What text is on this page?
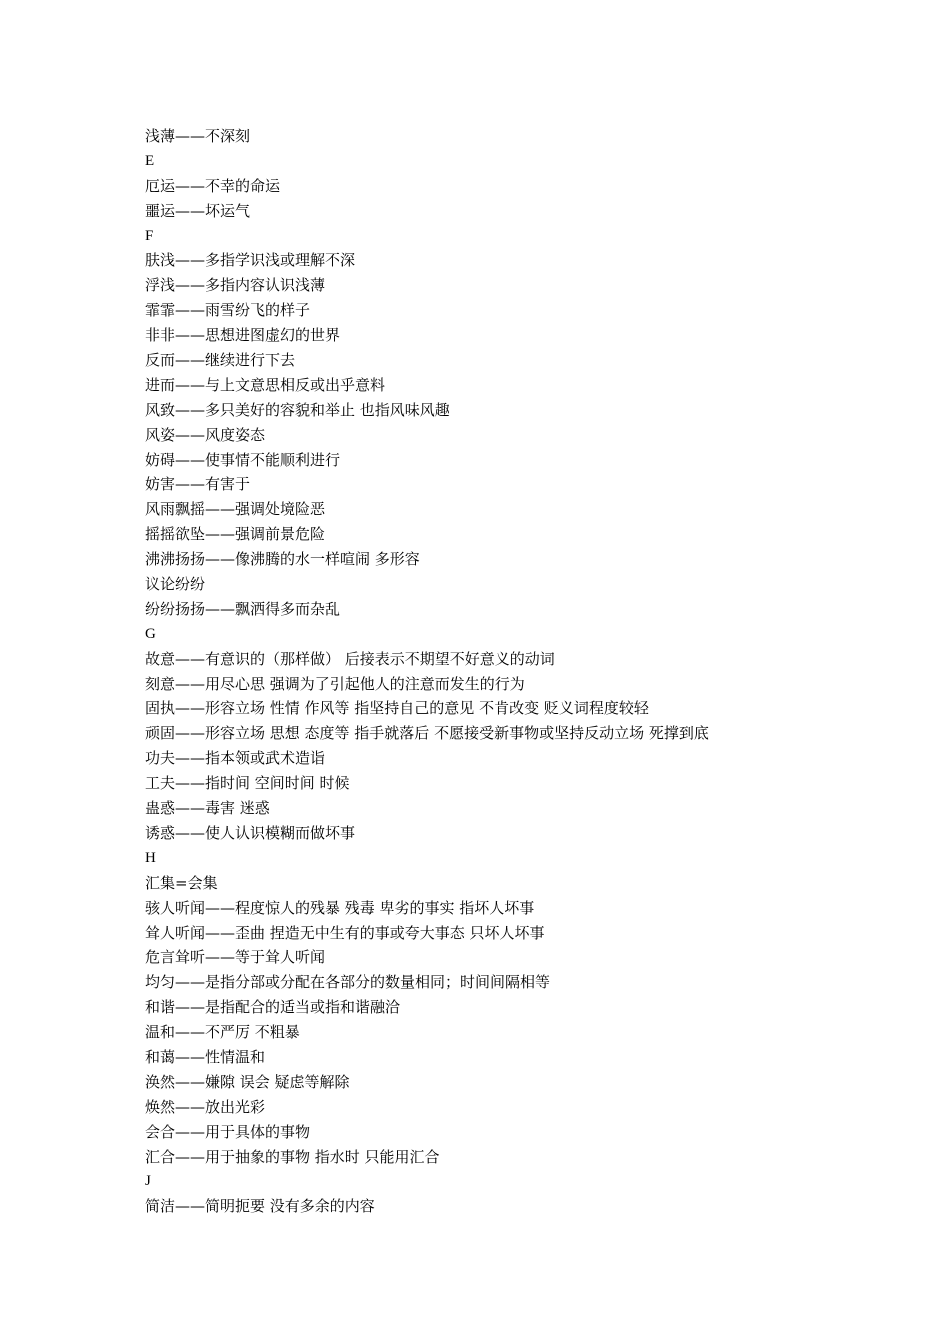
浅薄——不深刻
E
厄运——不幸的命运
噩运——坏运气
F
肤浅——多指学识浅或理解不深
浮浅——多指内容认识浅薄
霏霏——雨雪纷飞的样子
非非——思想进图虚幻的世界
反而——继续进行下去
进而——与上文意思相反或出乎意料
风致——多只美好的容貌和举止 也指风味风趣
风姿——风度姿态
妨碍——使事情不能顺利进行
妨害——有害于
风雨飘摇——强调处境险恶
摇摇欲坠——强调前景危险
沸沸扬扬——像沸腾的水一样喧闹 多形容
议论纷纷
纷纷扬扬——飘洒得多而杂乱
G
故意——有意识的（那样做） 后接表示不期望不好意义的动词
刻意——用尽心思 强调为了引起他人的注意而发生的行为
固执——形容立场 性情 作风等 指坚持自己的意见 不肯改变 贬义词程度较轻
顽固——形容立场 思想 态度等 指手就落后 不愿接受新事物或坚持反动立场 死撑到底
功夫——指本领或武术造诣
工夫——指时间 空间时间 时候
蛊惑——毒害 迷惑
诱惑——使人认识模糊而做坏事
H
汇集=会集
骇人听闻——程度惊人的残暴 残毒 卑劣的事实 指坏人坏事
耸人听闻——歪曲 捏造无中生有的事或夸大事态 只坏人坏事
危言耸听——等于耸人听闻
均匀——是指分部或分配在各部分的数量相同；时间间隔相等
和谐——是指配合的适当或指和谐融洽
温和——不严厉 不粗暴
和蔼——性情温和
涣然——嫌隙 误会 疑虑等解除
焕然——放出光彩
会合——用于具体的事物
汇合——用于抽象的事物 指水时 只能用汇合
J
简洁——简明扼要 没有多余的内容
